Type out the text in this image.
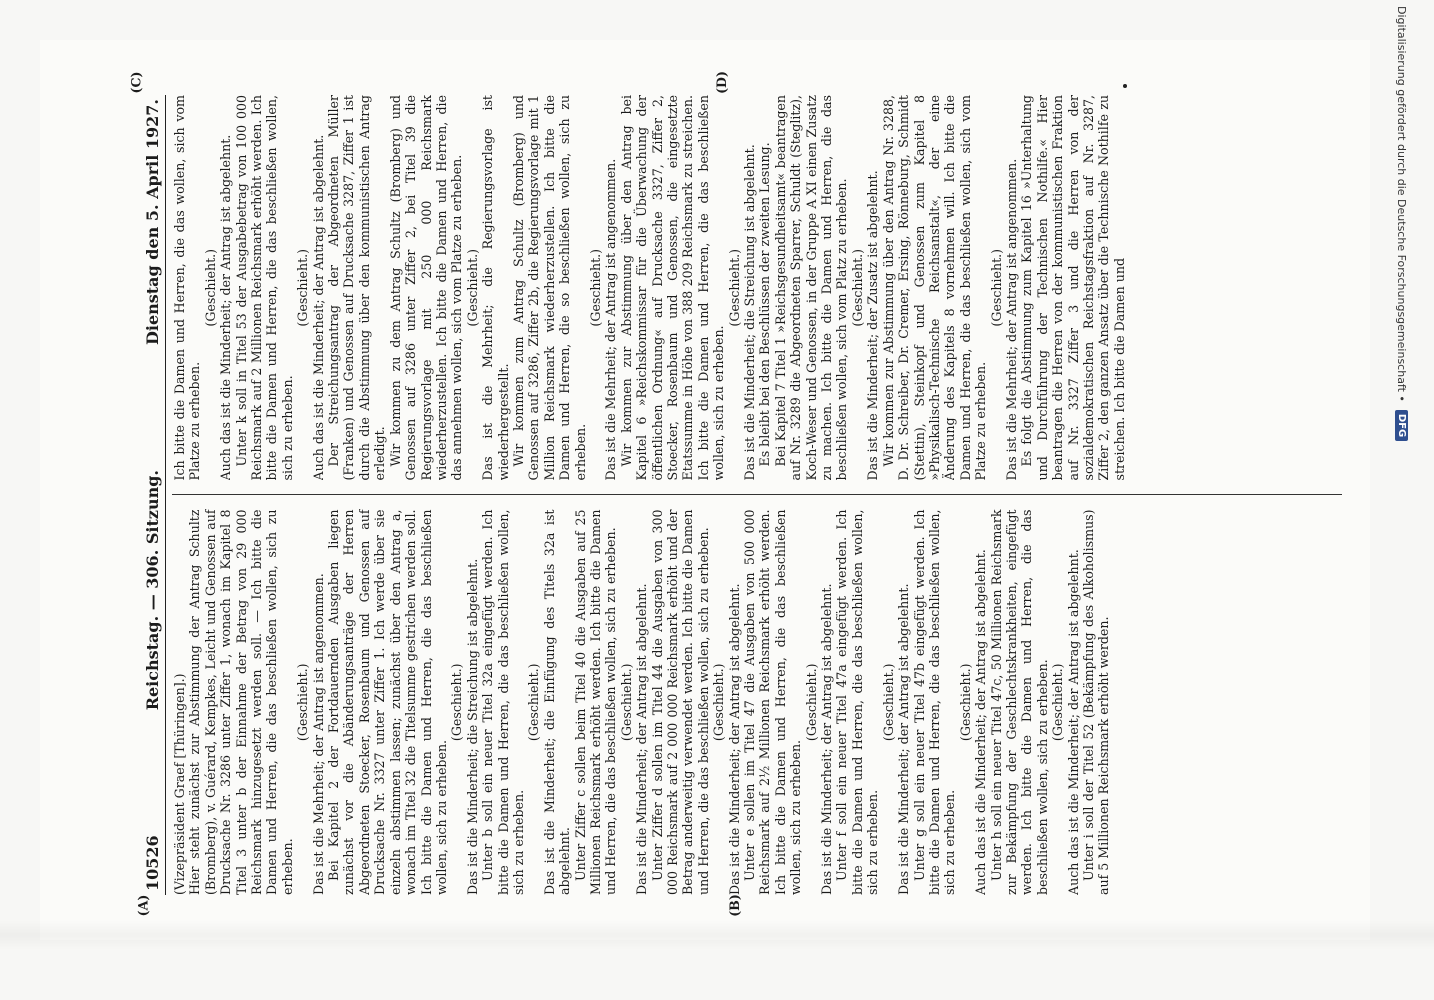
10526
Reichstag. — 306. Sitzung.
Dienstag den 5. April 1927.

(Vizepräsident Graef [Thüringen].) Hier steht zunächst zur Abstimmung der Antrag Schultz (Bromberg), v. Guérard, Kempkes, Leicht und Genossen auf Drucksache Nr. 3286 unter Ziffer 1, wonach im Kapitel 8 Titel 3 unter b der Einnahme der Betrag von 29 000 Reichsmark hinzugesetzt werden soll. — Ich bitte die Damen und Herren, die das beschließen wollen, sich zu erheben.

(Geschieht.) Das ist die Mehrheit; der Antrag ist angenommen. Bei Kapitel 2 der Fortdauernden Ausgaben liegen zunächst vor die Abänderungsanträge der Herren Abgeordneten Stoecker, Rosenbaum und Genossen auf Drucksache Nr. 3327 unter Ziffer 1. Ich werde über sie einzeln abstimmen lassen; zunächst über den Antrag a, wonach im Titel 32 die Titelsumme gestrichen werden soll. Ich bitte die Damen und Herren, die das beschließen wollen, sich zu erheben.

(Geschieht.) Das ist die Minderheit; die Streichung ist abgelehnt. Unter b soll ein neuer Titel 32a eingefügt werden. Ich bitte die Damen und Herren, die das beschließen wollen, sich zu erheben.

(Geschieht.) Das ist die Minderheit; die Einfügung des Titels 32a ist abgelehnt. Unter Ziffer c sollen beim Titel 40 die Ausgaben auf 25 Millionen Reichsmark erhöht werden. Ich bitte die Damen und Herren, die das beschließen wollen, sich zu erheben. (Geschieht.) Das ist die Minderheit; der Antrag ist abgelehnt. Unter Ziffer d sollen im Titel 44 die Ausgaben von 300 000 Reichsmark auf 2 000 000 Reichsmark erhöht und der Betrag anderweitig verwendet werden. Ich bitte die Damen und Herren, die das beschließen wollen, sich zu erheben. (Geschieht.) Das ist die Minderheit; der Antrag ist abgelehnt. Unter e sollen im Titel 47 die Ausgaben von 500 000 Reichsmark auf 2½ Millionen Reichsmark erhöht werden. Ich bitte die Damen und Herren, die das beschließen wollen, sich zu erheben.

(Geschieht.) Das ist die Minderheit; der Antrag ist abgelehnt. Unter f soll ein neuer Titel 47a eingefügt werden. Ich bitte die Damen und Herren, die das beschließen wollen, sich zu erheben.

(Geschieht.) Das ist die Minderheit; der Antrag ist abgelehnt. Unter g soll ein neuer Titel 47b eingefügt werden. Ich bitte die Damen und Herren, die das beschließen wollen, sich zu erheben.

(Geschieht.) Auch das ist die Minderheit; der Antrag ist abgelehnt. Unter h soll ein neuer Titel 47c, 50 Millionen Reichsmark zur Bekämpfung der Geschlechtskrankheiten, eingefügt werden. Ich bitte die Damen und Herren, die das beschließen wollen, sich zu erheben. (Geschieht.) Auch das ist die Minderheit; der Antrag ist abgelehnt. Unter i soll der Titel 52 (Bekämpfung des Alkoholismus) auf 5 Millionen Reichsmark erhöht werden.

Ich bitte die Damen und Herren, die das wollen, sich vom Platze zu erheben.

(Geschieht.) Auch das ist die Minderheit; der Antrag ist abgelehnt. Unter k soll in Titel 53 der Ausgabebetrag von 100 000 Reichsmark auf 2 Millionen Reichsmark erhöht werden. Ich bitte die Damen und Herren, die das beschließen wollen, sich zu erheben.

(Geschieht.) Auch das ist die Minderheit; der Antrag ist abgelehnt. Der Streichungsantrag der Abgeordneten Müller (Franken) und Genossen auf Drucksache 3287, Ziffer 1 ist durch die Abstimmung über den kommunistischen Antrag erledigt. Wir kommen zu dem Antrag Schultz (Bromberg) und Genossen auf 3286 unter Ziffer 2, bei Titel 39 die Regierungsvorlage mit 250 000 Reichsmark wiederherzustellen. Ich bitte die Damen und Herren, die das annehmen wollen, sich vom Platze zu erheben. (Geschieht.) Das ist die Mehrheit; die Regierungsvorlage ist wiederhergestellt. Wir kommen zum Antrag Schultz (Bromberg) und Genossen auf 3286, Ziffer 2b, die Regierungsvorlage mit 1 Million Reichsmark wiederherzustellen. Ich bitte die Damen und Herren, die so beschließen wollen, sich zu erheben.

(Geschieht.) Das ist die Mehrheit; der Antrag ist angenommen. Wir kommen zur Abstimmung über den Antrag bei Kapitel 6 »Reichskommissar für die Überwachung der öffentlichen Ordnung« auf Drucksache 3327, Ziffer 2, Stoecker, Rosenbaum und Genossen, die eingesetzte Etatssumme in Höhe von 388 209 Reichsmark zu streichen. Ich bitte die Damen und Herren, die das beschließen wollen, sich zu erheben.

(Geschieht.) Das ist die Minderheit; die Streichung ist abgelehnt. Es bleibt bei den Beschlüssen der zweiten Lesung. Bei Kapitel 7 Titel 1 »Reichsgesundheitsamt« beantragen auf Nr. 3289 die Abgeordneten Sparrer, Schuldt (Steglitz), Koch-Weser und Genossen, in der Gruppe A XI einen Zusatz zu machen. Ich bitte die Damen und Herren, die das beschließen wollen, sich vom Platz zu erheben. (Geschieht.) Das ist die Minderheit; der Zusatz ist abgelehnt. Wir kommen zur Abstimmung über den Antrag Nr. 3288, D. Dr. Schreiber, Dr. Cremer, Ersing, Rönneburg, Schmidt (Stettin), Steinkopf und Genossen zum Kapitel 8 »Physikalisch-Technische Reichsanstalt«, der eine Änderung des Kapitels 8 vornehmen will. Ich bitte die Damen und Herren, die das beschließen wollen, sich vom Platze zu erheben.

(Geschieht.) Das ist die Mehrheit; der Antrag ist angenommen. Es folgt die Abstimmung zum Kapitel 16 »Unterhaltung und Durchführung der Technischen Nothilfe.« Hier beantragen die Herren von der kommunistischen Fraktion auf Nr. 3327 Ziffer 3 und die Herren von der sozialdemokratischen Reichstagsfraktion auf Nr. 3287, Ziffer 2, den ganzen Ansatz über die Technische Nothilfe zu streichen. Ich bitte die Damen und

(A)	(B)
(C)	(D)	Digitalisierung gefördert durch die Deutsche Forschungsgemeinschaft •
DFG
